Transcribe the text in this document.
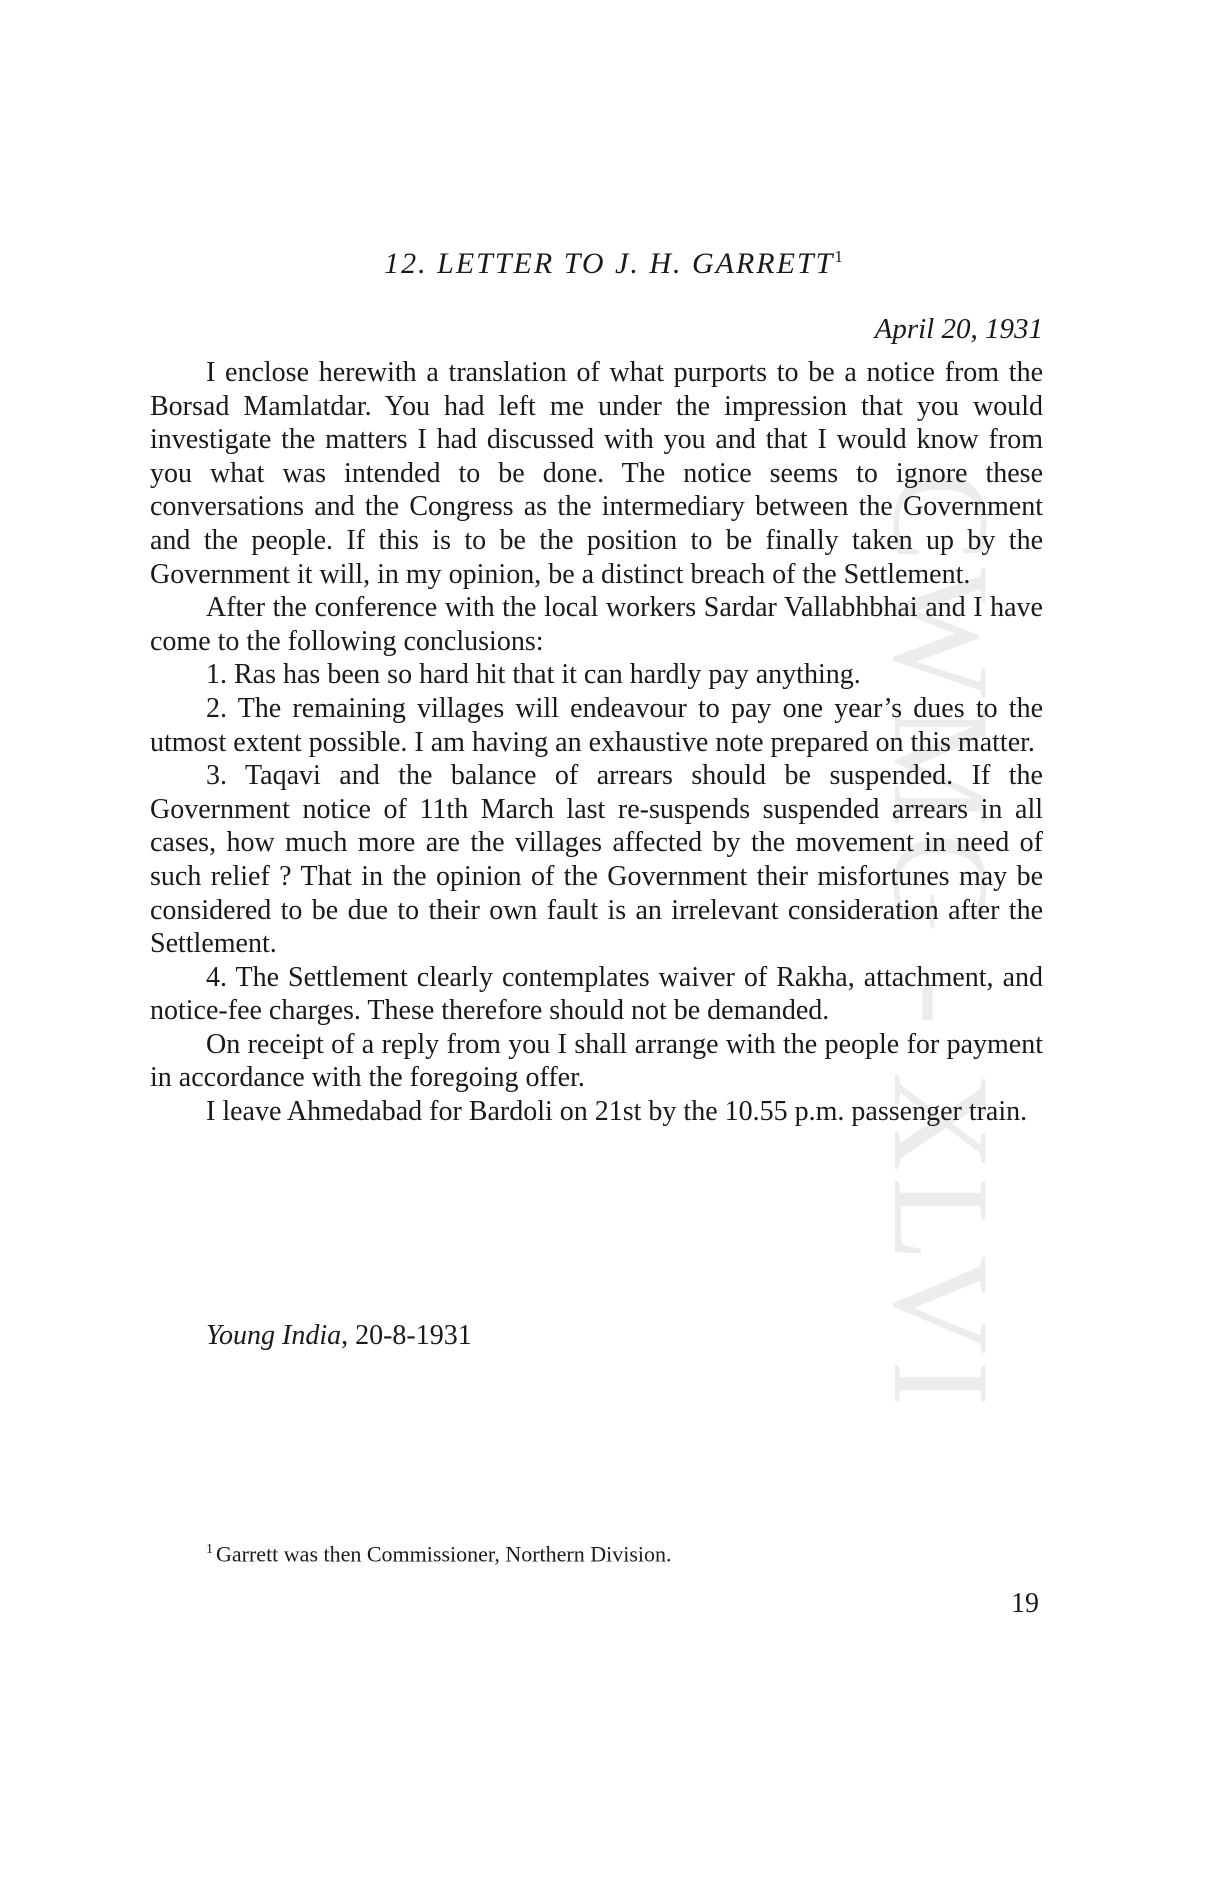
CWMG - XLVI
12. LETTER TO J. H. GARRETT$^1$

April 20, 1931

I enclose herewith a translation of what purports to be a notice from the Borsad Mamlatdar. You had left me under the impression that you would investigate the matters I had discussed with you and that I would know from you what was intended to be done. The notice seems to ignore these conversations and the Congress as the intermediary between the Government and the people. If this is to be the position to be finally taken up by the Government it will, in my opinion, be a distinct breach of the Settlement.

After the conference with the local workers Sardar Vallabhbhai and I have come to the following conclusions:

1. Ras has been so hard hit that it can hardly pay anything.

2. The remaining villages will endeavour to pay one year’s dues to the utmost extent possible. I am having an exhaustive note prepared on this matter.

3. Taqavi and the balance of arrears should be suspended. If the Government notice of 11th March last re-suspends suspended arrears in all cases, how much more are the villages affected by the movement in need of such relief ? That in the opinion of the Government their misfortunes may be considered to be due to their own fault is an irrelevant consideration after the Settlement.

4. The Settlement clearly contemplates waiver of Rakha, attachment, and notice-fee charges. These therefore should not be demanded.

On receipt of a reply from you I shall arrange with the people for payment in accordance with the foregoing offer.

I leave Ahmedabad for Bardoli on 21st by the 10.55 p.m. passenger train.

Young India, 20-8-1931

$^1$ Garrett was then Commissioner, Northern Division.

19
